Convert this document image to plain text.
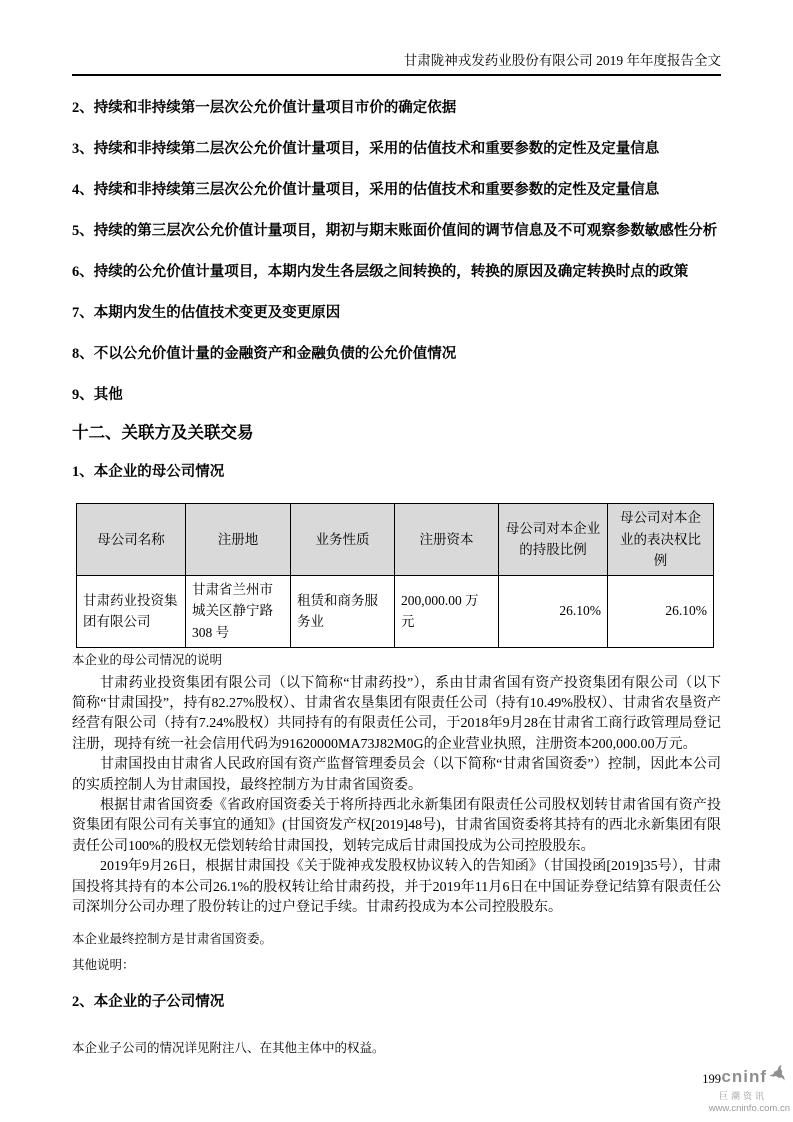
甘肃陇神戎发药业股份有限公司 2019 年年度报告全文
2、持续和非持续第一层次公允价值计量项目市价的确定依据
3、持续和非持续第二层次公允价值计量项目，采用的估值技术和重要参数的定性及定量信息
4、持续和非持续第三层次公允价值计量项目，采用的估值技术和重要参数的定性及定量信息
5、持续的第三层次公允价值计量项目，期初与期末账面价值间的调节信息及不可观察参数敏感性分析
6、持续的公允价值计量项目，本期内发生各层级之间转换的，转换的原因及确定转换时点的政策
7、本期内发生的估值技术变更及变更原因
8、不以公允价值计量的金融资产和金融负债的公允价值情况
9、其他
十二、关联方及关联交易
1、本企业的母公司情况
母公司名称	注册地	业务性质	注册资本	母公司对本企业的持股比例	母公司对本企业的表决权比例
甘肃药业投资集团有限公司	甘肃省兰州市城关区静宁路 308 号	租赁和商务服务业	200,000.00 万元	26.10%	26.10%
本企业的母公司情况的说明

甘肃药业投资集团有限公司（以下简称“甘肃药投”），系由甘肃省国有资产投资集团有限公司（以下简称“甘肃国投”，持有82.27%股权）、甘肃省农垦集团有限责任公司（持有10.49%股权）、甘肃省农垦资产经营有限公司（持有7.24%股权）共同持有的有限责任公司，于2018年9月28在甘肃省工商行政管理局登记注册，现持有统一社会信用代码为91620000MA73J82M0G的企业营业执照，注册资本200,000.00万元。

甘肃国投由甘肃省人民政府国有资产监督管理委员会（以下简称“甘肃省国资委”）控制，因此本公司的实质控制人为甘肃国投，最终控制方为甘肃省国资委。

根据甘肃省国资委《省政府国资委关于将所持西北永新集团有限责任公司股权划转甘肃省国有资产投资集团有限公司有关事宜的通知》(甘国资发产权[2019]48号)，甘肃省国资委将其持有的西北永新集团有限责任公司100%的股权无偿划转给甘肃国投，划转完成后甘肃国投成为公司控股股东。

2019年9月26日，根据甘肃国投《关于陇神戎发股权协议转入的告知函》（甘国投函[2019]35号），甘肃国投将其持有的本公司26.1%的股权转让给甘肃药投，并于2019年11月6日在中国证券登记结算有限责任公司深圳分公司办理了股份转让的过户登记手续。甘肃药投成为本公司控股股东。

本企业最终控制方是甘肃省国资委。
其他说明：
2、本企业的子公司情况
本企业子公司的情况详见附注八、在其他主体中的权益。
199 cninf
巨潮资讯
www.cninfo.com.cn
